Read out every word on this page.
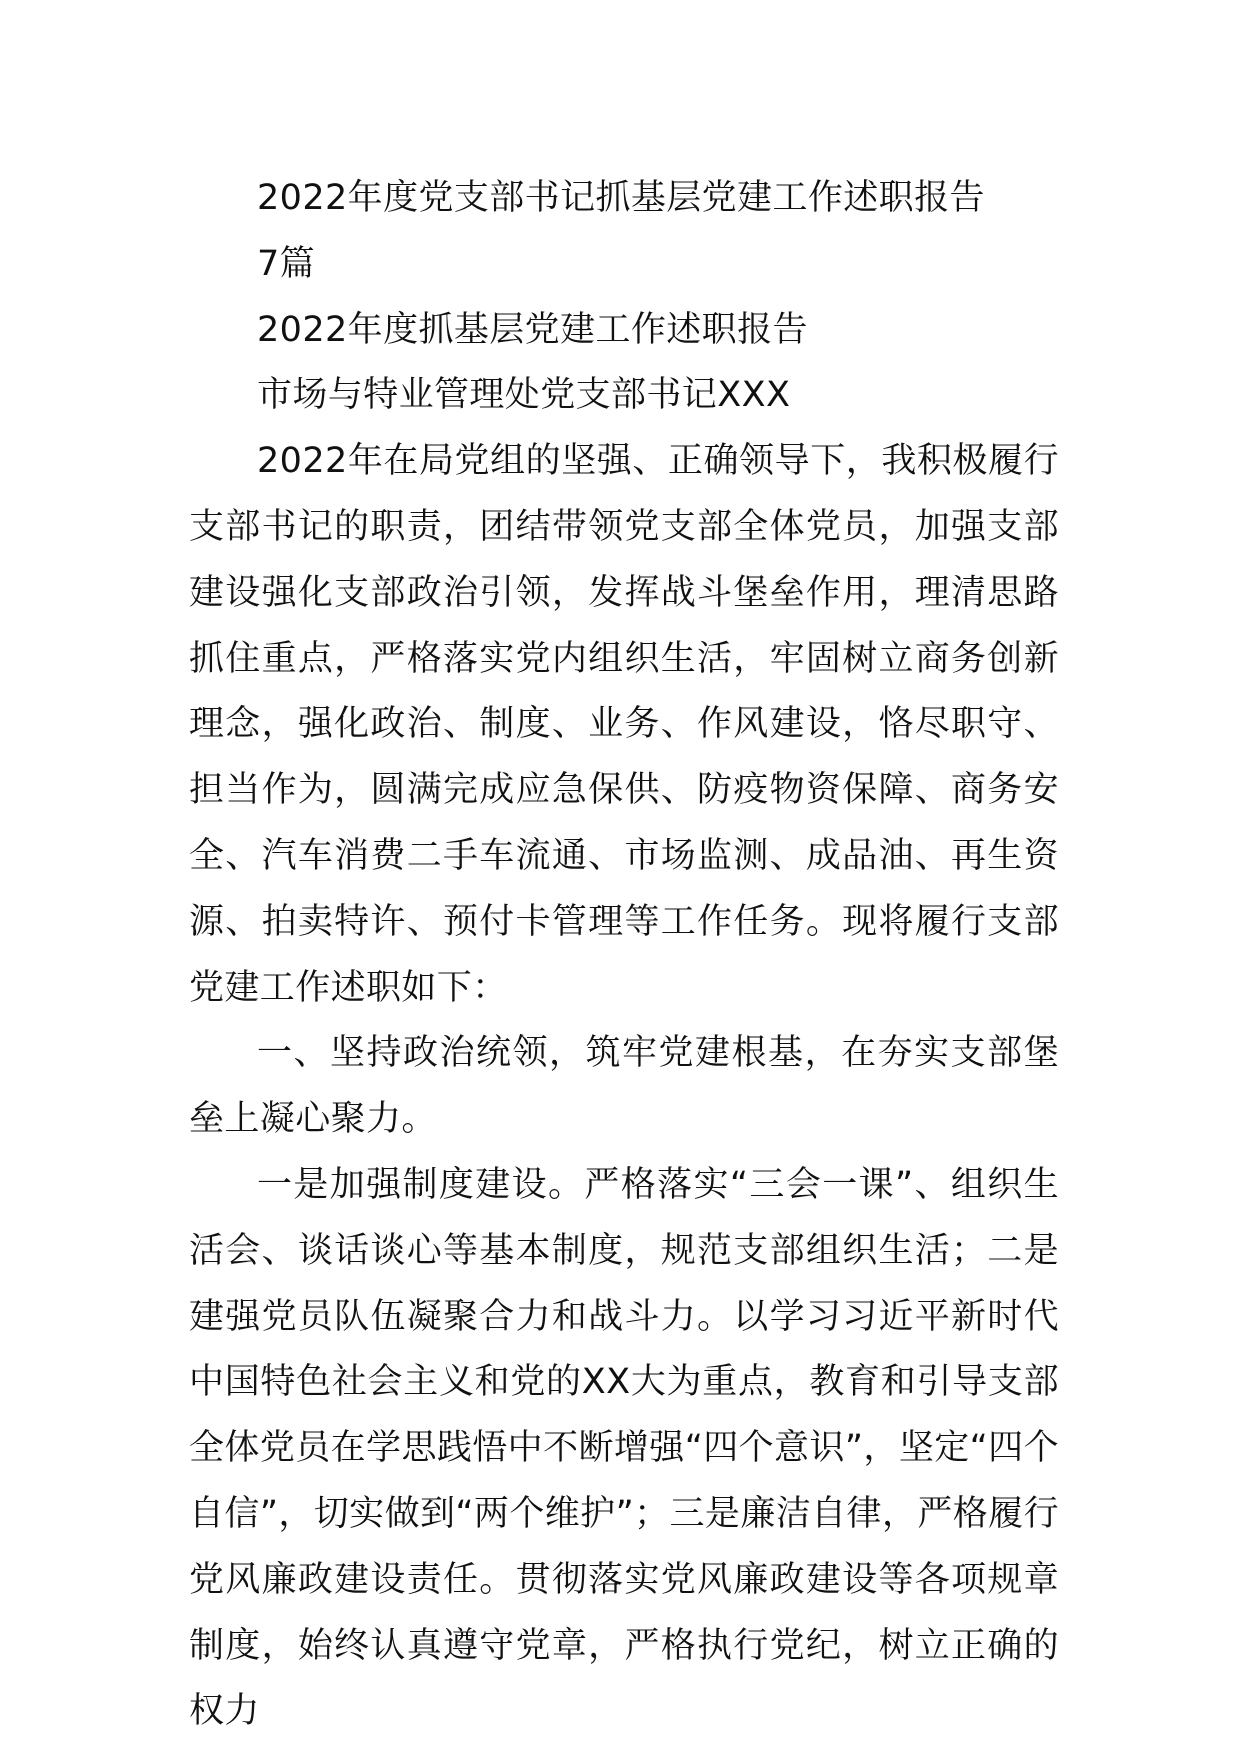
2022年度党支部书记抓基层党建工作述职报告

7篇

2022年度抓基层党建工作述职报告

市场与特业管理处党支部书记XXX

2022年在局党组的坚强、正确领导下，我积极履行支部书记的职责，团结带领党支部全体党员，加强支部建设强化支部政治引领，发挥战斗堡垒作用，理清思路抓住重点，严格落实党内组织生活，牢固树立商务创新理念，强化政治、制度、业务、作风建设，恪尽职守、担当作为，圆满完成应急保供、防疫物资保障、商务安全、汽车消费二手车流通、市场监测、成品油、再生资源、拍卖特许、预付卡管理等工作任务。现将履行支部党建工作述职如下：

一、坚持政治统领，筑牢党建根基，在夯实支部堡垒上凝心聚力。

一是加强制度建设。严格落实“三会一课”、组织生活会、谈话谈心等基本制度，规范支部组织生活；二是建强党员队伍凝聚合力和战斗力。以学习习近平新时代中国特色社会主义和党的XX大为重点，教育和引导支部全体党员在学思践悟中不断增强“四个意识”，坚定“四个自信”，切实做到“两个维护”；三是廉洁自律，严格履行党风廉政建设责任。贯彻落实党风廉政建设等各项规章制度，始终认真遵守党章，严格执行党纪，树立正确的权力
